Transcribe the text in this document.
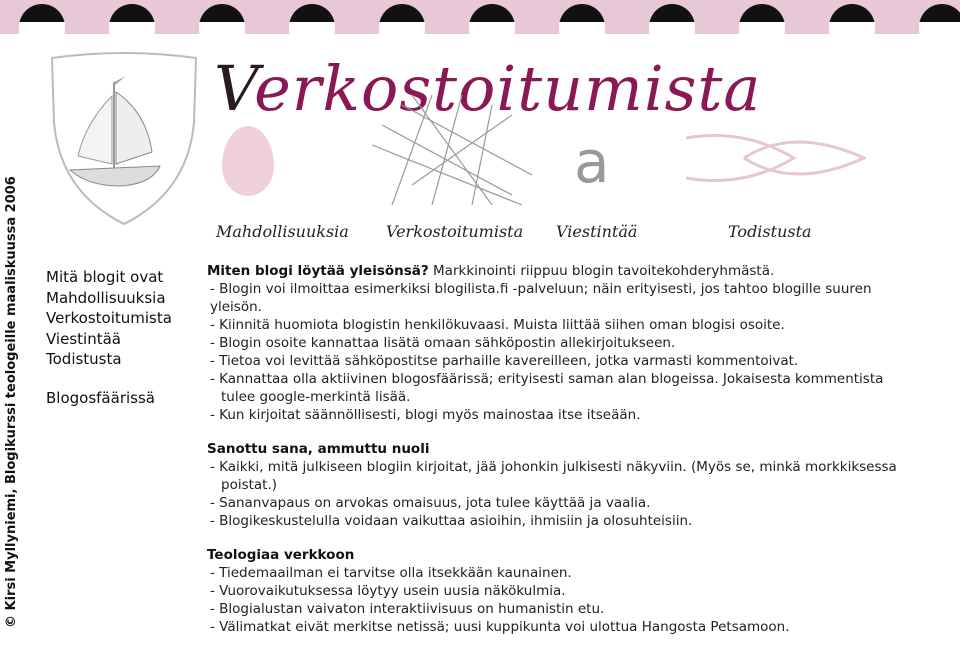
© Kirsi Myllyniemi, Blogikurssi teologeille maaliskuussa 2006
Verkostoitumista
a
Mahdollisuuksia Verkostoitumista Viestintää	Todistusta
Mitä blogit ovat
Mahdollisuuksia
Verkostoitumista
Viestintää
Todistusta
Blogosfäärissä
Miten blogi löytää yleisönsä? Markkinointi riippuu blogin tavoitekohderyhmästä.
- Blogin voi ilmoittaa esimerkiksi blogilista.fi -palveluun; näin erityisesti, jos tahtoo blogille suuren yleisön.
- Kiinnitä huomiota blogistin henkilökuvaasi. Muista liittää siihen oman blogisi osoite.
- Blogin osoite kannattaa lisätä omaan sähköpostin allekirjoitukseen.
- Tietoa voi levittää sähköpostitse parhaille kavereilleen, jotka varmasti kommentoivat.
- Kannattaa olla aktiivinen blogosfäärissä; erityisesti saman alan blogeissa. Jokaisesta kommentista
tulee google-merkintä lisää.
- Kun kirjoitat säännöllisesti, blogi myös mainostaa itse itseään.
Sanottu sana, ammuttu nuoli
- Kaikki, mitä julkiseen blogiin kirjoitat, jää johonkin julkisesti näkyviin. (Myös se, minkä morkkiksessa
poistat.)
- Sananvapaus on arvokas omaisuus, jota tulee käyttää ja vaalia.
- Blogikeskustelulla voidaan vaikuttaa asioihin, ihmisiin ja olosuhteisiin.
Teologiaa verkkoon
- Tiedemaailman ei tarvitse olla itsekkään kaunainen.
- Vuorovaikutuksessa löytyy usein uusia näkökulmia.
- Blogialustan vaivaton interaktiivisuus on humanistin etu.
- Välimatkat eivät merkitse netissä; uusi kuppikunta voi ulottua Hangosta Petsamoon.
